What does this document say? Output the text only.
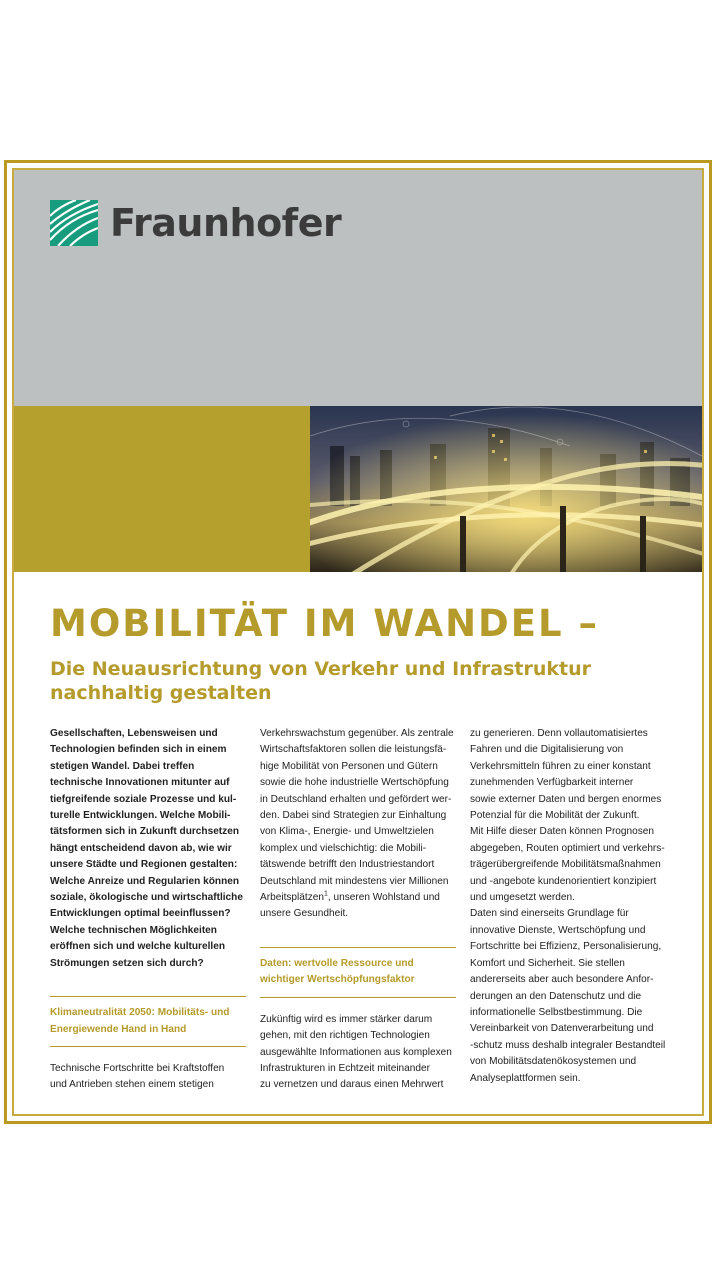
Fraunhofer
MOBILITÄT IM WANDEL –
Die Neuausrichtung von Verkehr und Infrastruktur
nachhaltig gestalten

Gesellschaften, Lebensweisen und
Technologien befinden sich in einem
stetigen Wandel. Dabei treffen
technische Innovationen mitunter auf
tiefgreifende soziale Prozesse und kul-
turelle Entwicklungen. Welche Mobili-
tätsformen sich in Zukunft durchsetzen
hängt entscheidend davon ab, wie wir
unsere Städte und Regionen gestalten:
Welche Anreize und Regularien können
soziale, ökologische und wirtschaftliche
Entwicklungen optimal beeinflussen?
Welche technischen Möglichkeiten
eröffnen sich und welche kulturellen
Strömungen setzen sich durch?

Klimaneutralität 2050: Mobilitäts- und
Energiewende Hand in Hand

Technische Fortschritte bei Kraftstoffen
und Antrieben stehen einem stetigen

Verkehrswachstum gegenüber. Als zentrale
Wirtschaftsfaktoren sollen die leistungsfä-
hige Mobilität von Personen und Gütern
sowie die hohe industrielle Wertschöpfung
in Deutschland erhalten und gefördert wer-
den. Dabei sind Strategien zur Einhaltung
von Klima-, Energie- und Umweltzielen
komplex und vielschichtig: die Mobili-
tätswende betrifft den Industriestandort
Deutschland mit mindestens vier Millionen
Arbeitsplätzen$^1$, unseren Wohlstand und
unsere Gesundheit.

Daten: wertvolle Ressource und
wichtiger Wertschöpfungsfaktor

Zukünftig wird es immer stärker darum
gehen, mit den richtigen Technologien
ausgewählte Informationen aus komplexen
Infrastrukturen in Echtzeit miteinander
zu vernetzen und daraus einen Mehrwert

zu generieren. Denn vollautomatisiertes
Fahren und die Digitalisierung von
Verkehrsmitteln führen zu einer konstant
zunehmenden Verfügbarkeit interner
sowie externer Daten und bergen enormes
Potenzial für die Mobilität der Zukunft.
Mit Hilfe dieser Daten können Prognosen
abgegeben, Routen optimiert und verkehrs-
trägerübergreifende Mobilitätsmaßnahmen
und -angebote kundenorientiert konzipiert
und umgesetzt werden.

Daten sind einerseits Grundlage für
innovative Dienste, Wertschöpfung und
Fortschritte bei Effizienz, Personalisierung,
Komfort und Sicherheit. Sie stellen
andererseits aber auch besondere Anfor-
derungen an den Datenschutz und die
informationelle Selbstbestimmung. Die
Vereinbarkeit von Datenverarbeitung und
-schutz muss deshalb integraler Bestandteil
von Mobilitätsdatenökosystemen und
Analyseplattformen sein.
